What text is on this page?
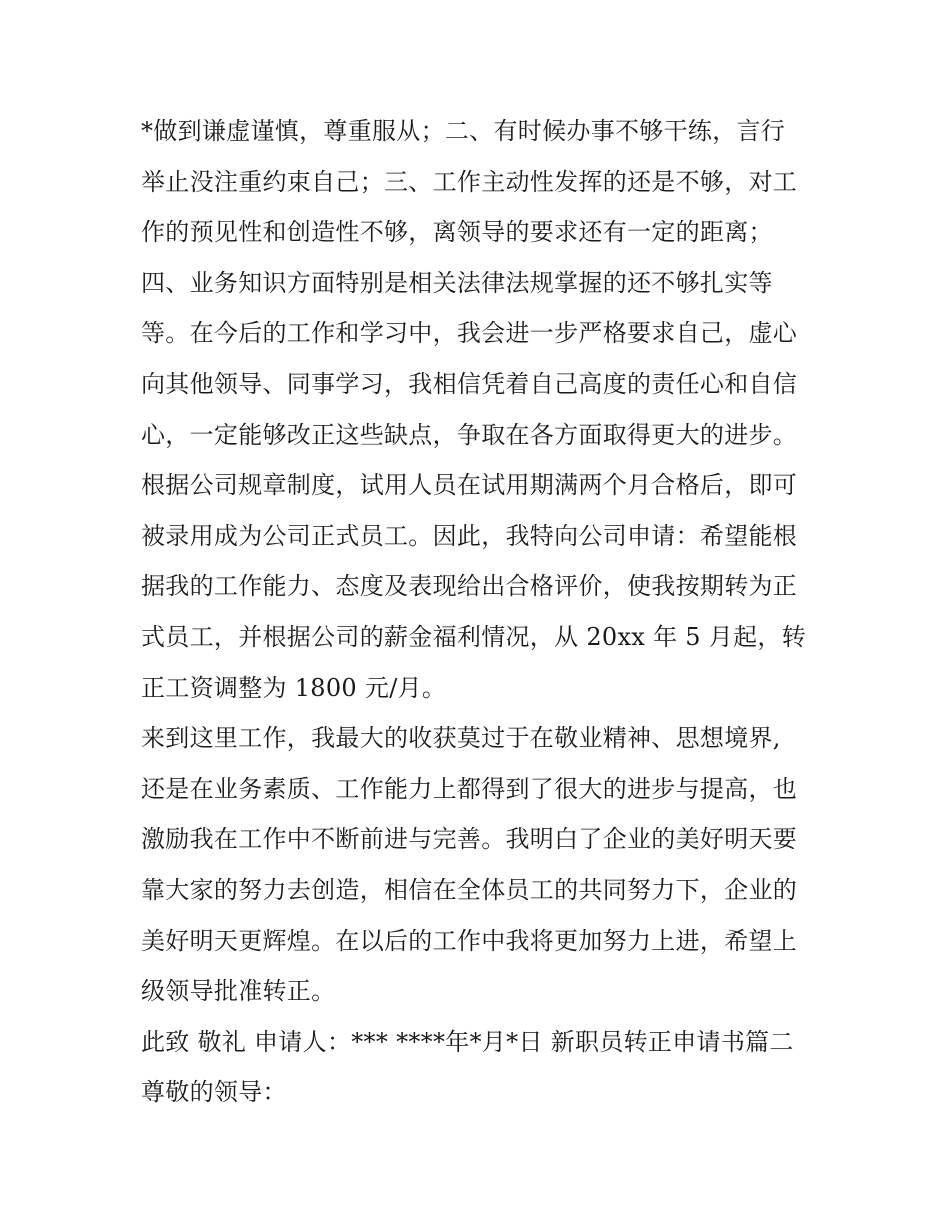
*做到谦虚谨慎，尊重服从；二、有时候办事不够干练，言行
举止没注重约束自己；三、工作主动性发挥的还是不够，对工
作的预见性和创造性不够，离领导的要求还有一定的距离；
四、业务知识方面特别是相关法律法规掌握的还不够扎实等
等。在今后的工作和学习中，我会进一步严格要求自己，虚心
向其他领导、同事学习，我相信凭着自己高度的责任心和自信
心，一定能够改正这些缺点，争取在各方面取得更大的进步。
根据公司规章制度，试用人员在试用期满两个月合格后，即可
被录用成为公司正式员工。因此，我特向公司申请：希望能根
据我的工作能力、态度及表现给出合格评价，使我按期转为正
式员工，并根据公司的薪金福利情况，从 20xx 年 5 月起，转
正工资调整为 1800 元/月。
来到这里工作，我最大的收获莫过于在敬业精神、思想境界,
还是在业务素质、工作能力上都得到了很大的进步与提高，也
激励我在工作中不断前进与完善。我明白了企业的美好明天要
靠大家的努力去创造，相信在全体员工的共同努力下，企业的
美好明天更辉煌。在以后的工作中我将更加努力上进，希望上
级领导批准转正。
此致 敬礼 申请人：*** ****年*月*日 新职员转正申请书篇二
尊敬的领导：
